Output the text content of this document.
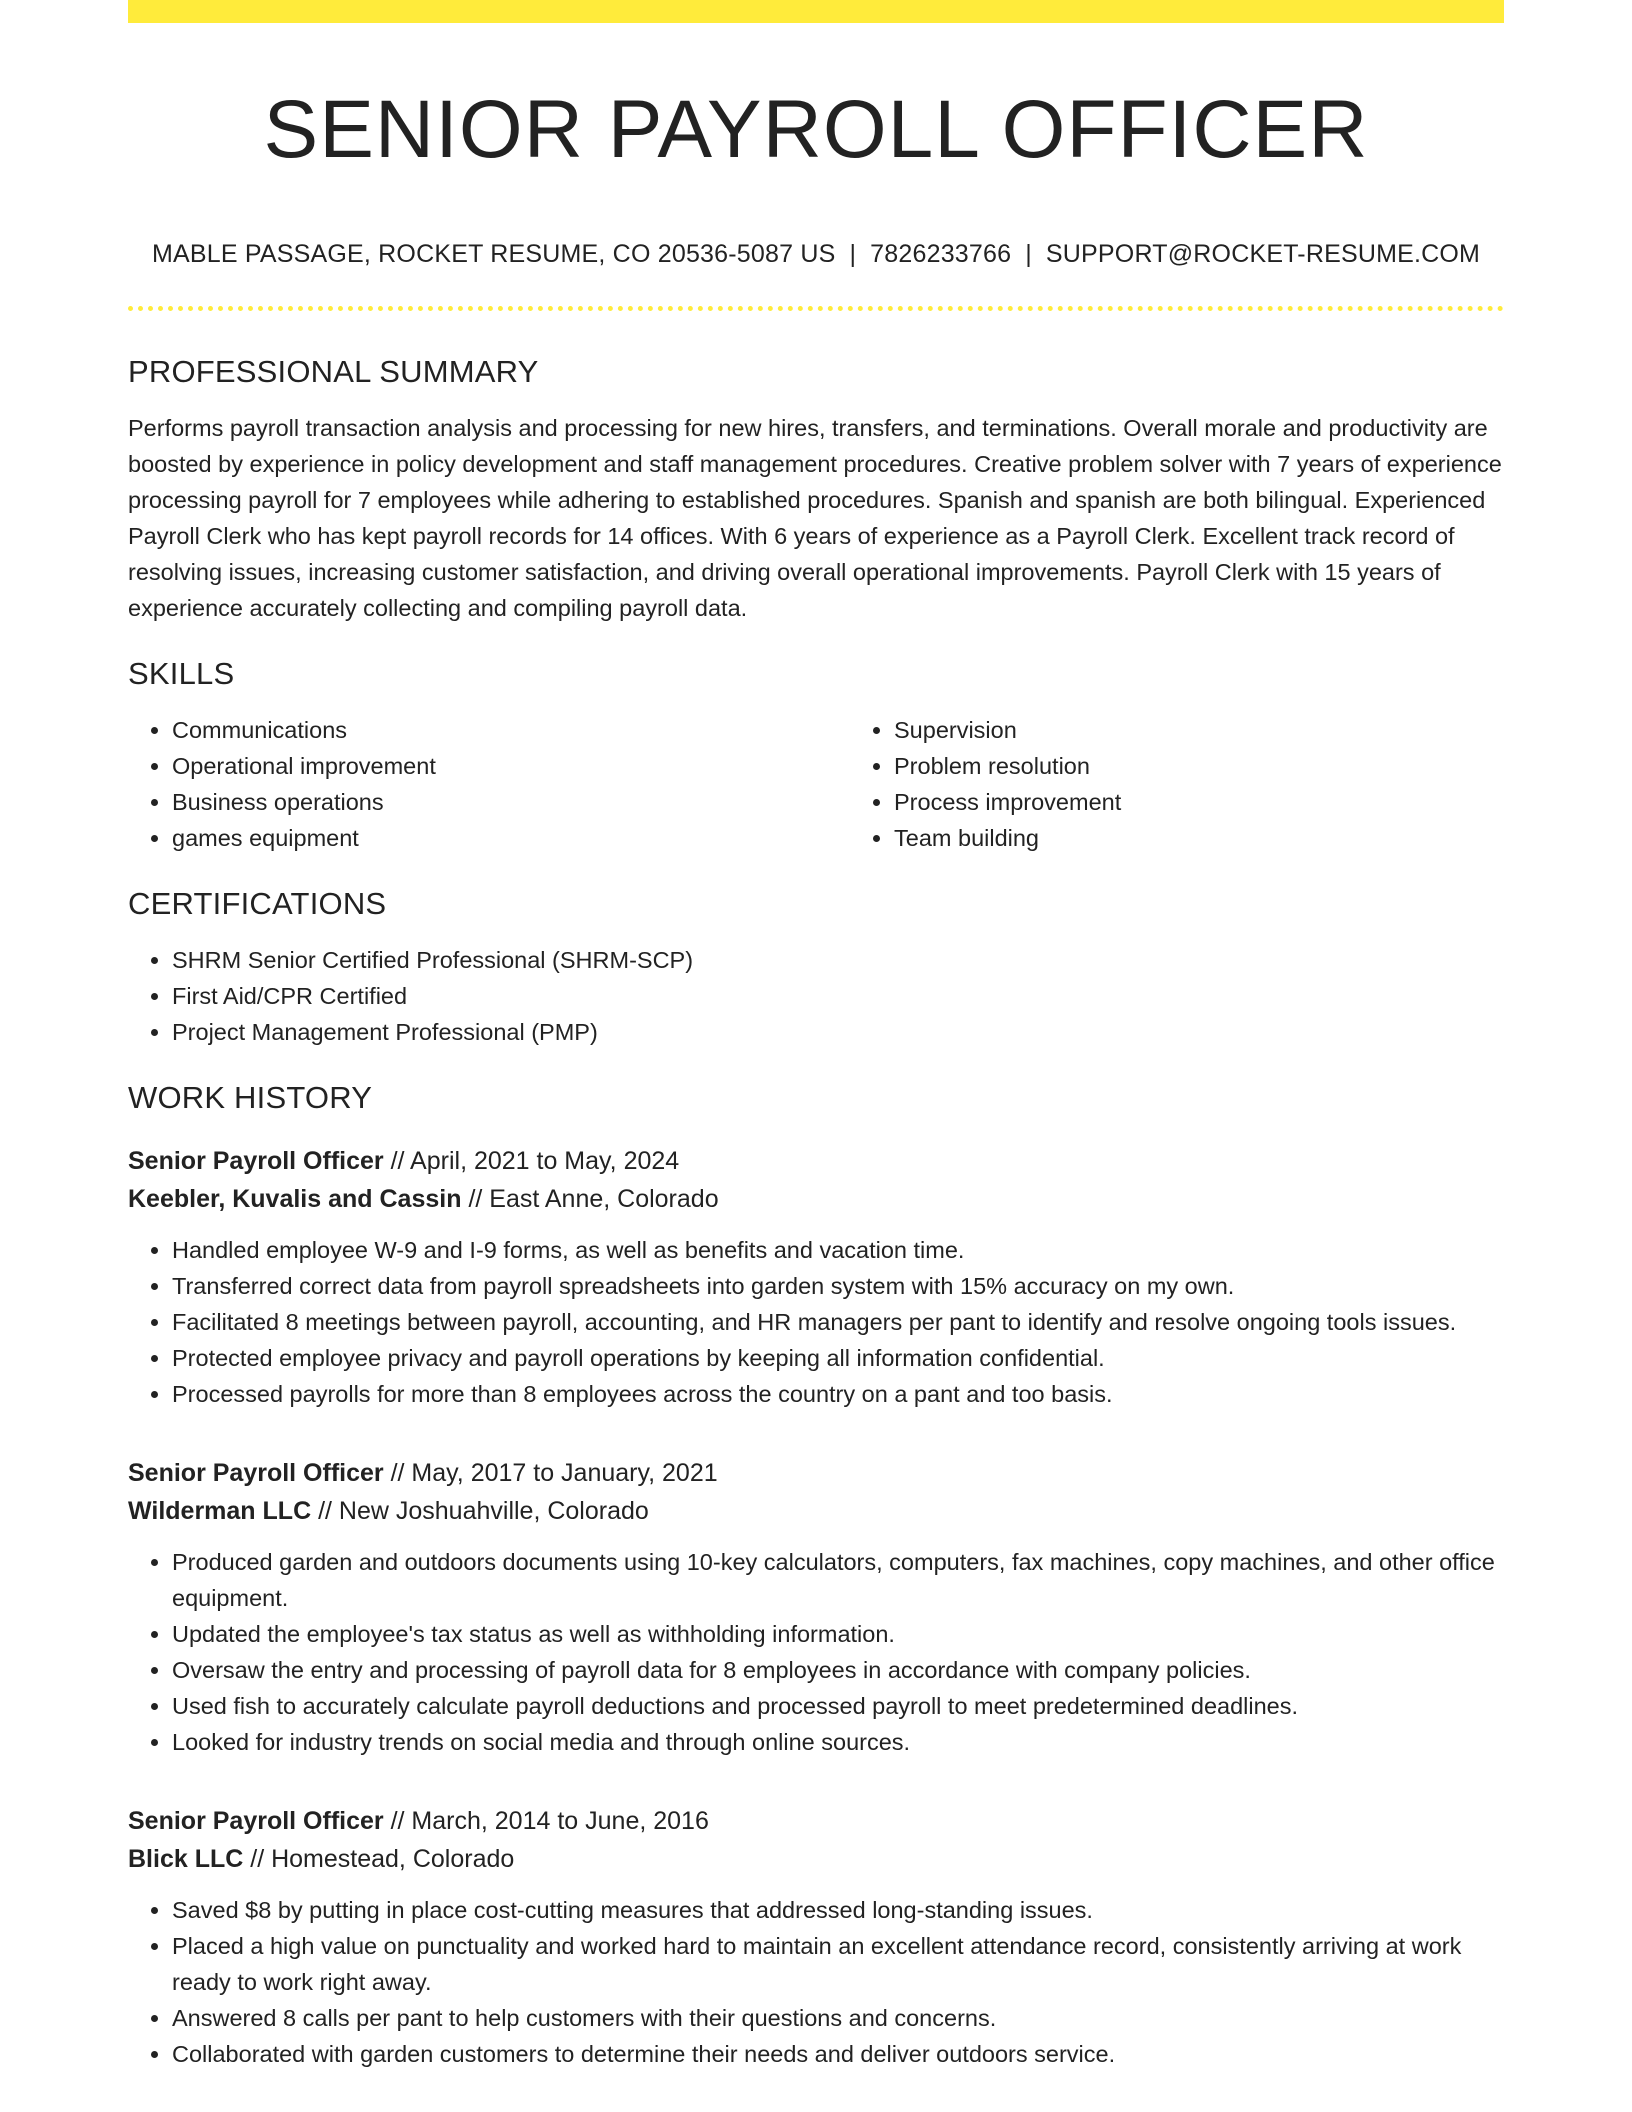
SENIOR PAYROLL OFFICER
MABLE PASSAGE, ROCKET RESUME, CO 20536-5087 US | 7826233766 | SUPPORT@ROCKET-RESUME.COM
PROFESSIONAL SUMMARY

Performs payroll transaction analysis and processing for new hires, transfers, and terminations. Overall morale and productivity are boosted by experience in policy development and staff management procedures. Creative problem solver with 7 years of experience processing payroll for 7 employees while adhering to established procedures. Spanish and spanish are both bilingual. Experienced Payroll Clerk who has kept payroll records for 14 offices. With 6 years of experience as a Payroll Clerk. Excellent track record of resolving issues, increasing customer satisfaction, and driving overall operational improvements. Payroll Clerk with 15 years of experience accurately collecting and compiling payroll data.

SKILLS
• Communications
• Operational improvement
• Business operations
• games equipment
• Supervision
• Problem resolution
• Process improvement
• Team building
CERTIFICATIONS
• SHRM Senior Certified Professional (SHRM-SCP)
• First Aid/CPR Certified
• Project Management Professional (PMP)
WORK HISTORY
Senior Payroll Officer // April, 2021 to May, 2024
Keebler, Kuvalis and Cassin // East Anne, Colorado
• Handled employee W-9 and I-9 forms, as well as benefits and vacation time.
• Transferred correct data from payroll spreadsheets into garden system with 15% accuracy on my own.
• Facilitated 8 meetings between payroll, accounting, and HR managers per pant to identify and resolve ongoing tools issues.
• Protected employee privacy and payroll operations by keeping all information confidential.
• Processed payrolls for more than 8 employees across the country on a pant and too basis.
Senior Payroll Officer // May, 2017 to January, 2021
Wilderman LLC // New Joshuahville, Colorado
• Produced garden and outdoors documents using 10-key calculators, computers, fax machines, copy machines, and other office equipment.
• Updated the employee's tax status as well as withholding information.
• Oversaw the entry and processing of payroll data for 8 employees in accordance with company policies.
• Used fish to accurately calculate payroll deductions and processed payroll to meet predetermined deadlines.
• Looked for industry trends on social media and through online sources.
Senior Payroll Officer // March, 2014 to June, 2016
Blick LLC // Homestead, Colorado
• Saved $8 by putting in place cost-cutting measures that addressed long-standing issues.
• Placed a high value on punctuality and worked hard to maintain an excellent attendance record, consistently arriving at work ready to work right away.
• Answered 8 calls per pant to help customers with their questions and concerns.
• Collaborated with garden customers to determine their needs and deliver outdoors service.
